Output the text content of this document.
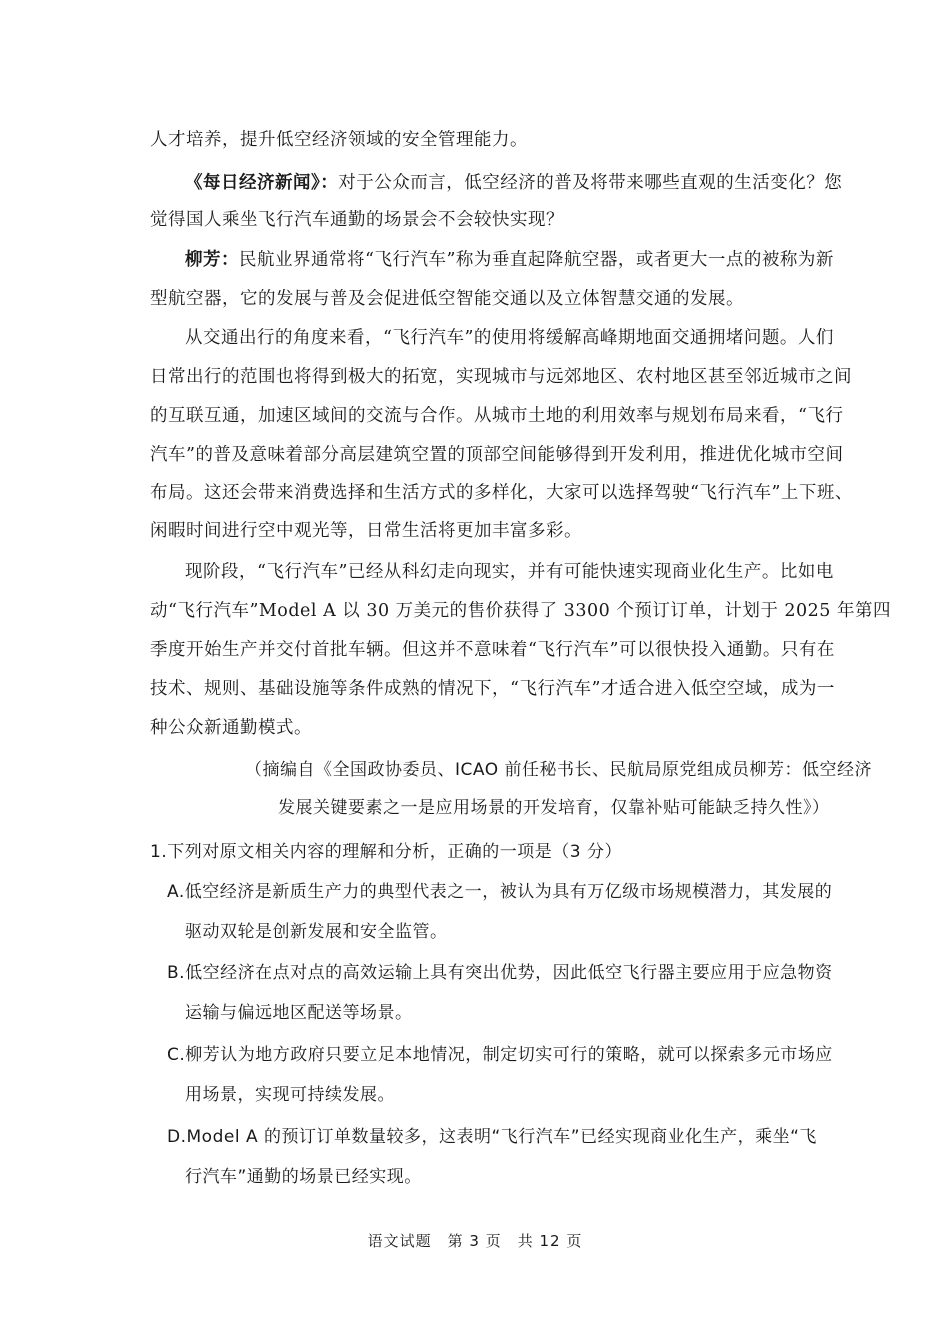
人才培养，提升低空经济领域的安全管理能力。
《每日经济新闻》：对于公众而言，低空经济的普及将带来哪些直观的生活变化？您
觉得国人乘坐飞行汽车通勤的场景会不会较快实现？
柳芳：民航业界通常将“飞行汽车”称为垂直起降航空器，或者更大一点的被称为新
型航空器，它的发展与普及会促进低空智能交通以及立体智慧交通的发展。
从交通出行的角度来看，“飞行汽车”的使用将缓解高峰期地面交通拥堵问题。人们
日常出行的范围也将得到极大的拓宽，实现城市与远郊地区、农村地区甚至邻近城市之间
的互联互通，加速区域间的交流与合作。从城市土地的利用效率与规划布局来看，“飞行
汽车”的普及意味着部分高层建筑空置的顶部空间能够得到开发利用，推进优化城市空间
布局。这还会带来消费选择和生活方式的多样化，大家可以选择驾驶“飞行汽车”上下班、
闲暇时间进行空中观光等，日常生活将更加丰富多彩。
现阶段，“飞行汽车”已经从科幻走向现实，并有可能快速实现商业化生产。比如电
动“飞行汽车”Model A 以 30 万美元的售价获得了 3300 个预订订单，计划于 2025 年第四
季度开始生产并交付首批车辆。但这并不意味着“飞行汽车”可以很快投入通勤。只有在
技术、规则、基础设施等条件成熟的情况下，“飞行汽车”才适合进入低空空域，成为一
种公众新通勤模式。
（摘编自《全国政协委员、ICAO 前任秘书长、民航局原党组成员柳芳：低空经济
发展关键要素之一是应用场景的开发培育，仅靠补贴可能缺乏持久性》）
1.下列对原文相关内容的理解和分析，正确的一项是（3 分）
A.低空经济是新质生产力的典型代表之一，被认为具有万亿级市场规模潜力，其发展的
驱动双轮是创新发展和安全监管。
B.低空经济在点对点的高效运输上具有突出优势，因此低空飞行器主要应用于应急物资
运输与偏远地区配送等场景。
C.柳芳认为地方政府只要立足本地情况，制定切实可行的策略，就可以探索多元市场应
用场景，实现可持续发展。
D.Model A 的预订订单数量较多，这表明“飞行汽车”已经实现商业化生产，乘坐“飞
行汽车”通勤的场景已经实现。
语文试题　第 3 页　共 12 页
